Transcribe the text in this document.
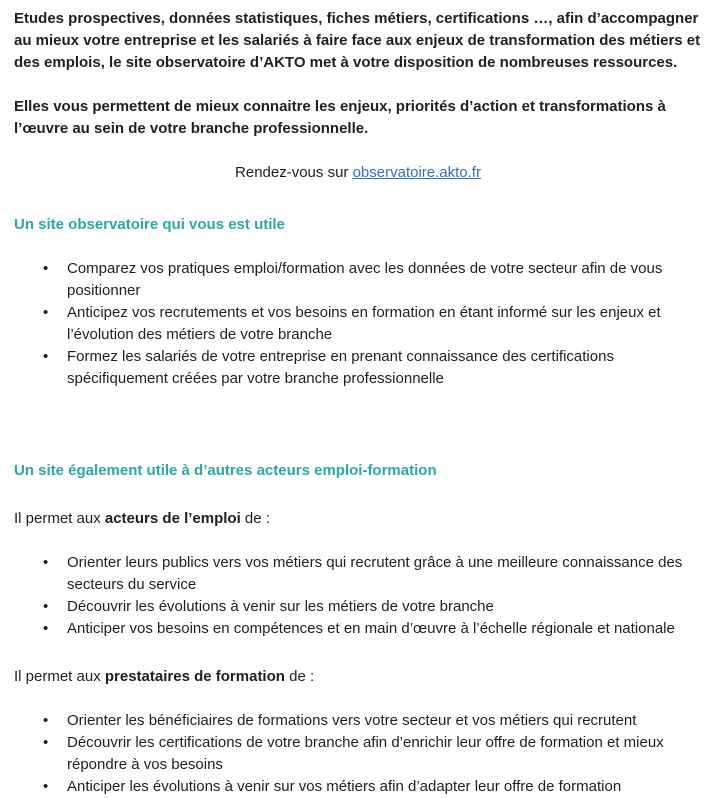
Etudes prospectives, données statistiques, fiches métiers, certifications …, afin d’accompagner au mieux votre entreprise et les salariés à faire face aux enjeux de transformation des métiers et des emplois, le site observatoire d’AKTO met à votre disposition de nombreuses ressources.

Elles vous permettent de mieux connaitre les enjeux, priorités d’action et transformations à l’œuvre au sein de votre branche professionnelle.

Rendez-vous sur observatoire.akto.fr

Un site observatoire qui vous est utile
• Comparez vos pratiques emploi/formation avec les données de votre secteur afin de vous positionner
• Anticipez vos recrutements et vos besoins en formation en étant informé sur les enjeux et l’évolution des métiers de votre branche
• Formez les salariés de votre entreprise en prenant connaissance des certifications spécifiquement créées par votre branche professionnelle
Un site également utile à d’autres acteurs emploi-formation

Il permet aux acteurs de l’emploi de :

• Orienter leurs publics vers vos métiers qui recrutent grâce à une meilleure connaissance des secteurs du service
• Découvrir les évolutions à venir sur les métiers de votre branche
• Anticiper vos besoins en compétences et en main d’œuvre à l’échelle régionale et nationale

Il permet aux prestataires de formation de :

• Orienter les bénéficiaires de formations vers votre secteur et vos métiers qui recrutent
• Découvrir les certifications de votre branche afin d’enrichir leur offre de formation et mieux répondre à vos besoins
• Anticiper les évolutions à venir sur vos métiers afin d’adapter leur offre de formation
